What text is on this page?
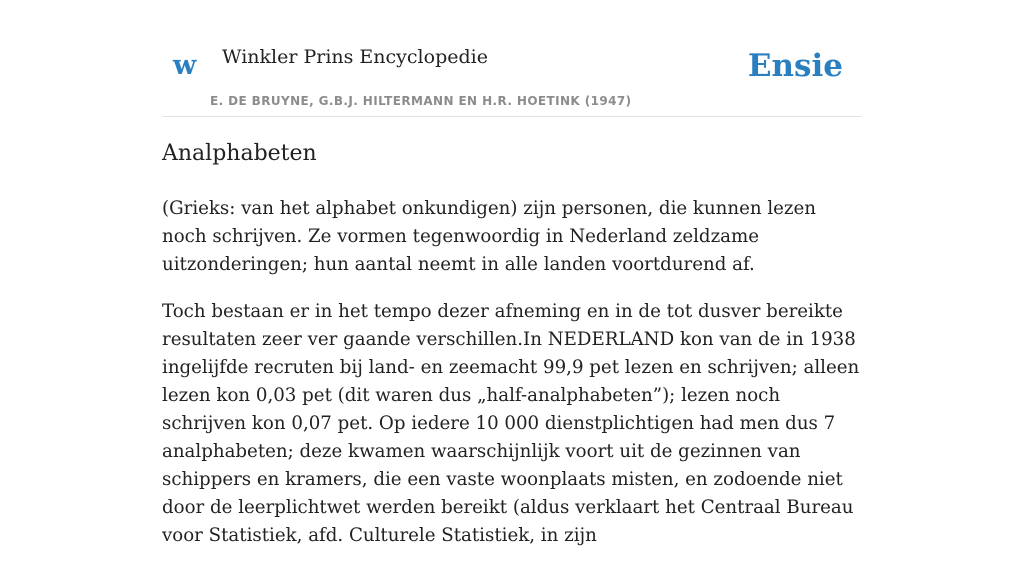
w Winkler Prins Encyclopedie
E. DE BRUYNE, G.B.J. HILTERMANN EN H.R. HOETINK (1947)
Ensie
Analphabeten

(Grieks: van het alphabet onkundigen) zijn personen, die kunnen lezen noch schrijven. Ze vormen tegenwoordig in Nederland zeldzame uitzonderingen; hun aantal neemt in alle landen voortdurend af.

Toch bestaan er in het tempo dezer afneming en in de tot dusver bereikte resultaten zeer ver gaande verschillen.In NEDERLAND kon van de in 1938 ingelijfde recruten bij land- en zeemacht 99,9 pet lezen en schrijven; alleen lezen kon 0,03 pet (dit waren dus „half-analphabeten”); lezen noch schrijven kon 0,07 pet. Op iedere 10 000 dienstplichtigen had men dus 7 analphabeten; deze kwamen waarschijnlijk voort uit de gezinnen van schippers en kramers, die een vaste woonplaats misten, en zodoende niet door de leerplichtwet werden bereikt (aldus verklaart het Centraal Bureau voor Statistiek, afd. Culturele Statistiek, in zijn
